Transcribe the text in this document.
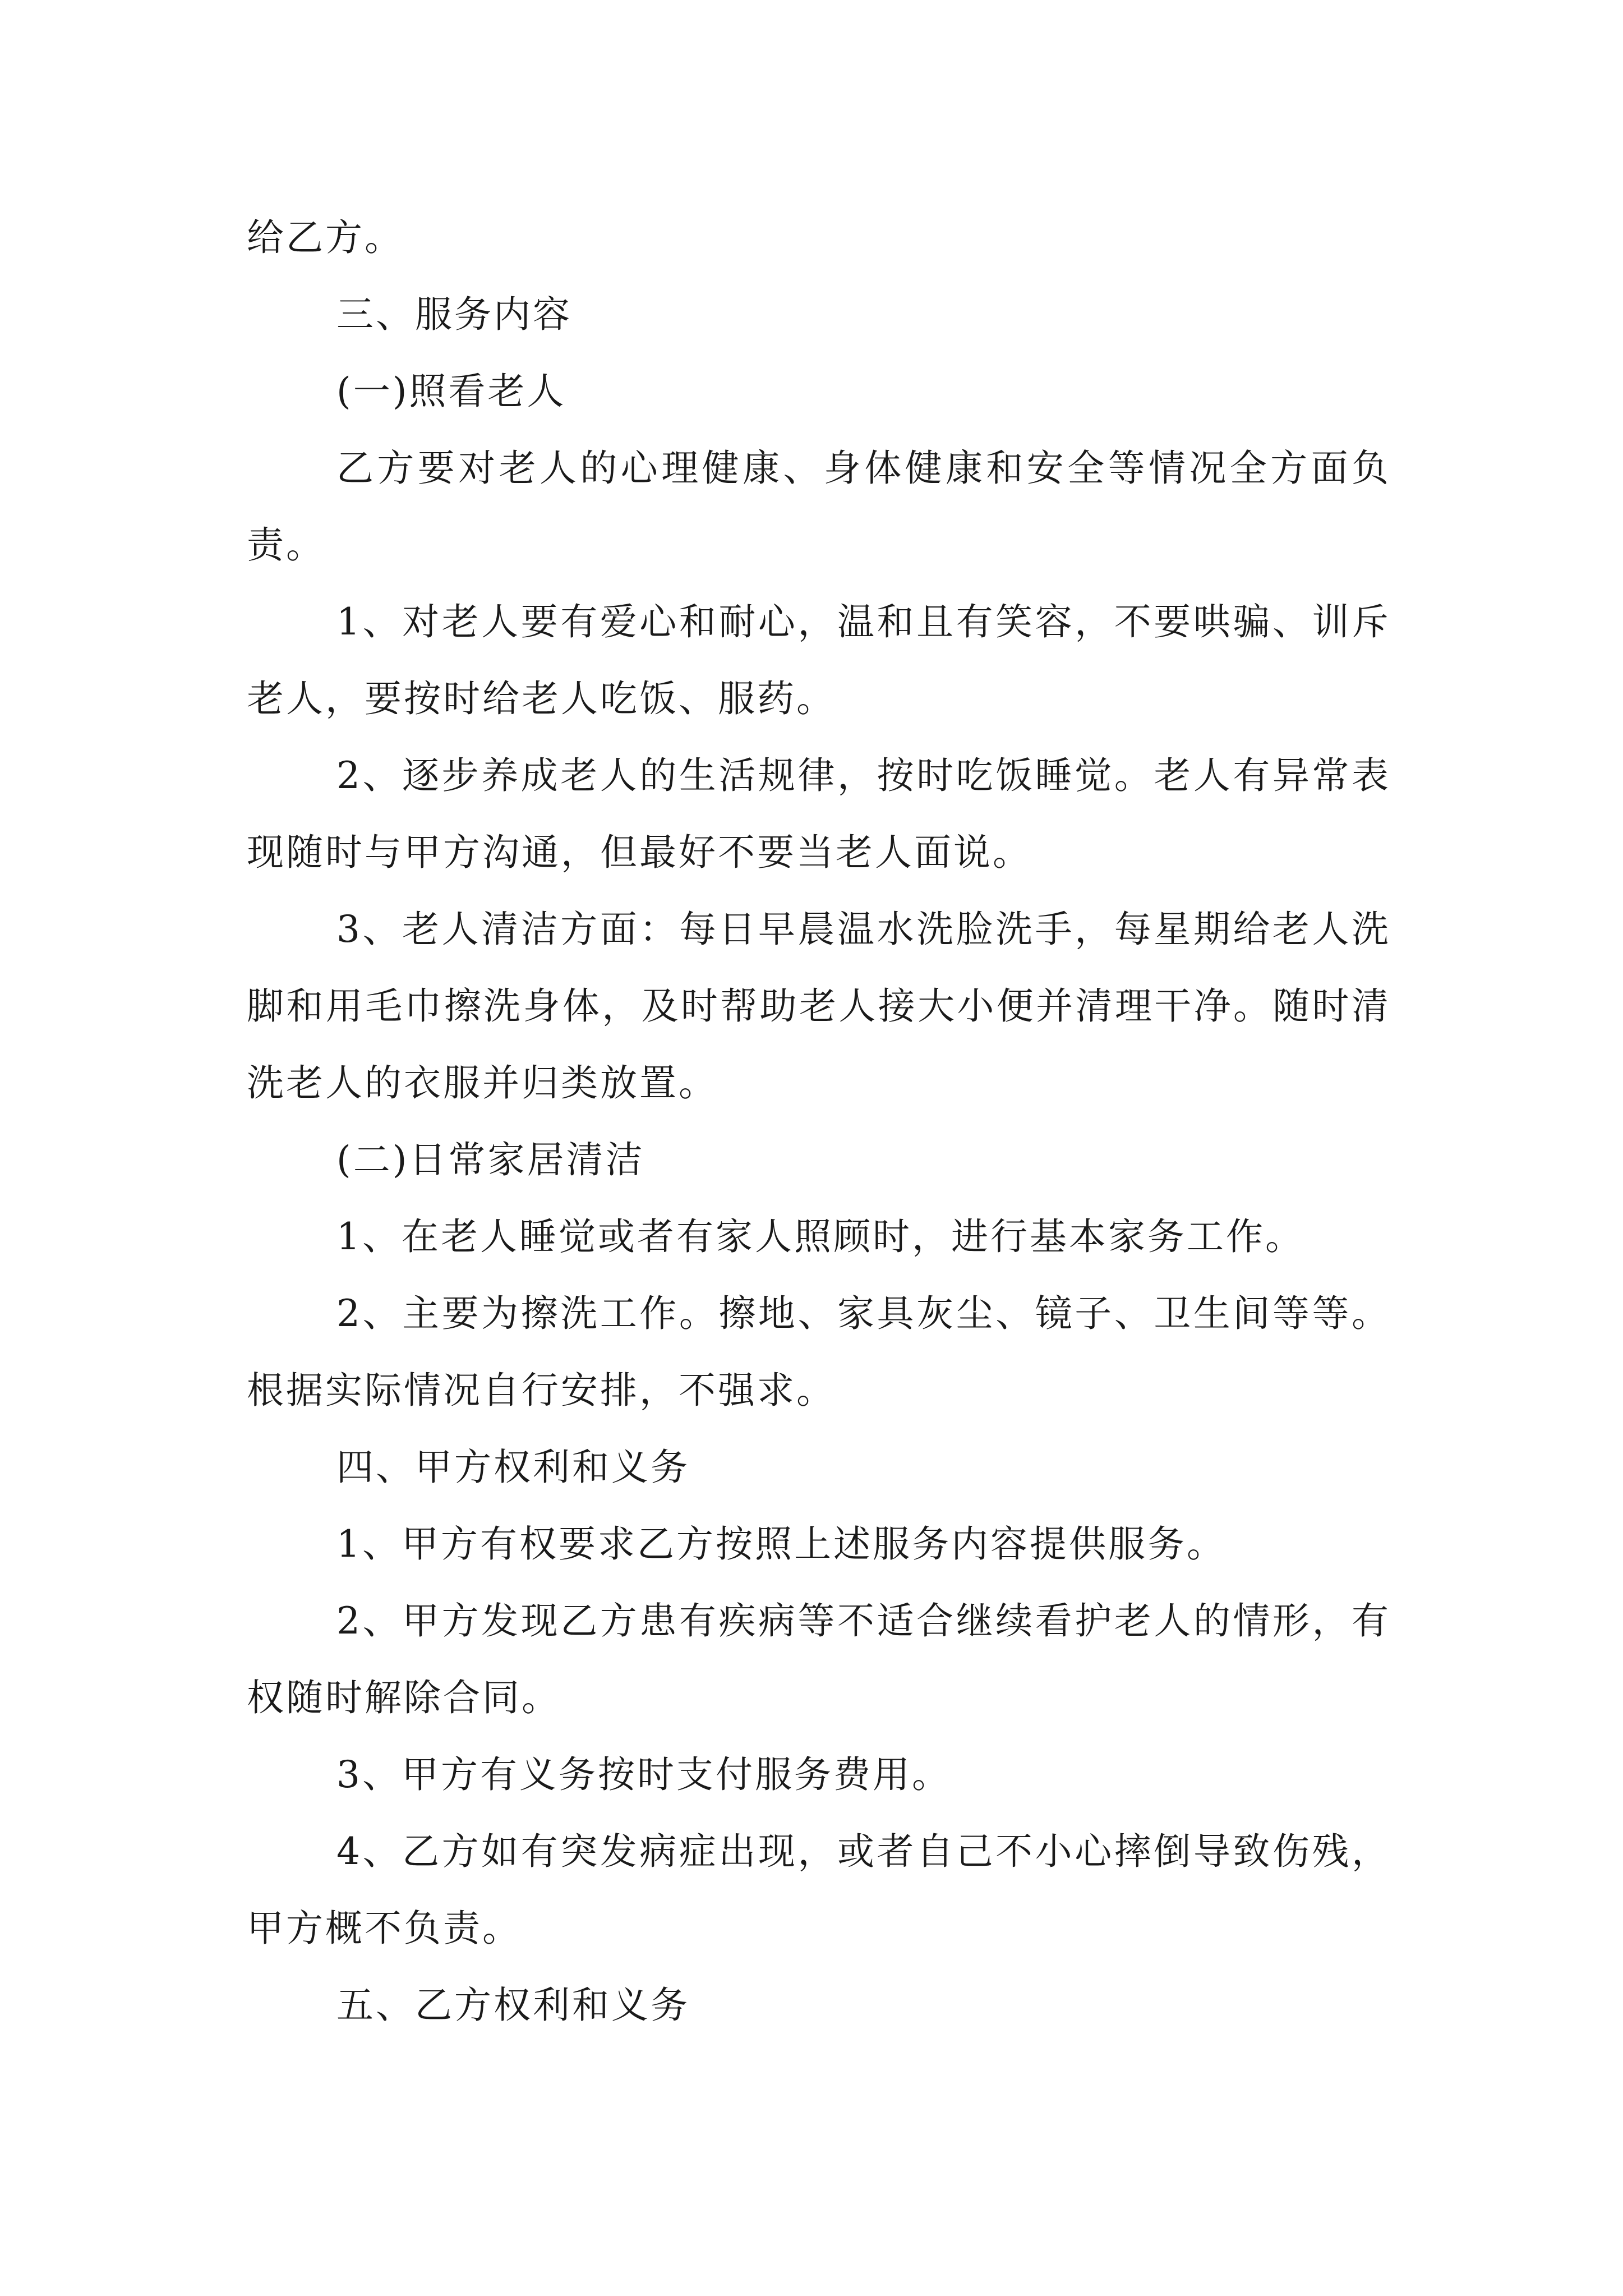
给乙方。

三、服务内容

(一)照看老人

乙方要对老人的心理健康、身体健康和安全等情况全方面负责。

1、对老人要有爱心和耐心，温和且有笑容，不要哄骗、训斥老人，要按时给老人吃饭、服药。

2、逐步养成老人的生活规律，按时吃饭睡觉。老人有异常表现随时与甲方沟通，但最好不要当老人面说。

3、老人清洁方面：每日早晨温水洗脸洗手，每星期给老人洗脚和用毛巾擦洗身体，及时帮助老人接大小便并清理干净。随时清洗老人的衣服并归类放置。

(二)日常家居清洁

1、在老人睡觉或者有家人照顾时，进行基本家务工作。

2、主要为擦洗工作。擦地、家具灰尘、镜子、卫生间等等。根据实际情况自行安排，不强求。

四、甲方权利和义务

1、甲方有权要求乙方按照上述服务内容提供服务。

2、甲方发现乙方患有疾病等不适合继续看护老人的情形，有权随时解除合同。

3、甲方有义务按时支付服务费用。

4、乙方如有突发病症出现，或者自己不小心摔倒导致伤残，甲方概不负责。

五、乙方权利和义务
